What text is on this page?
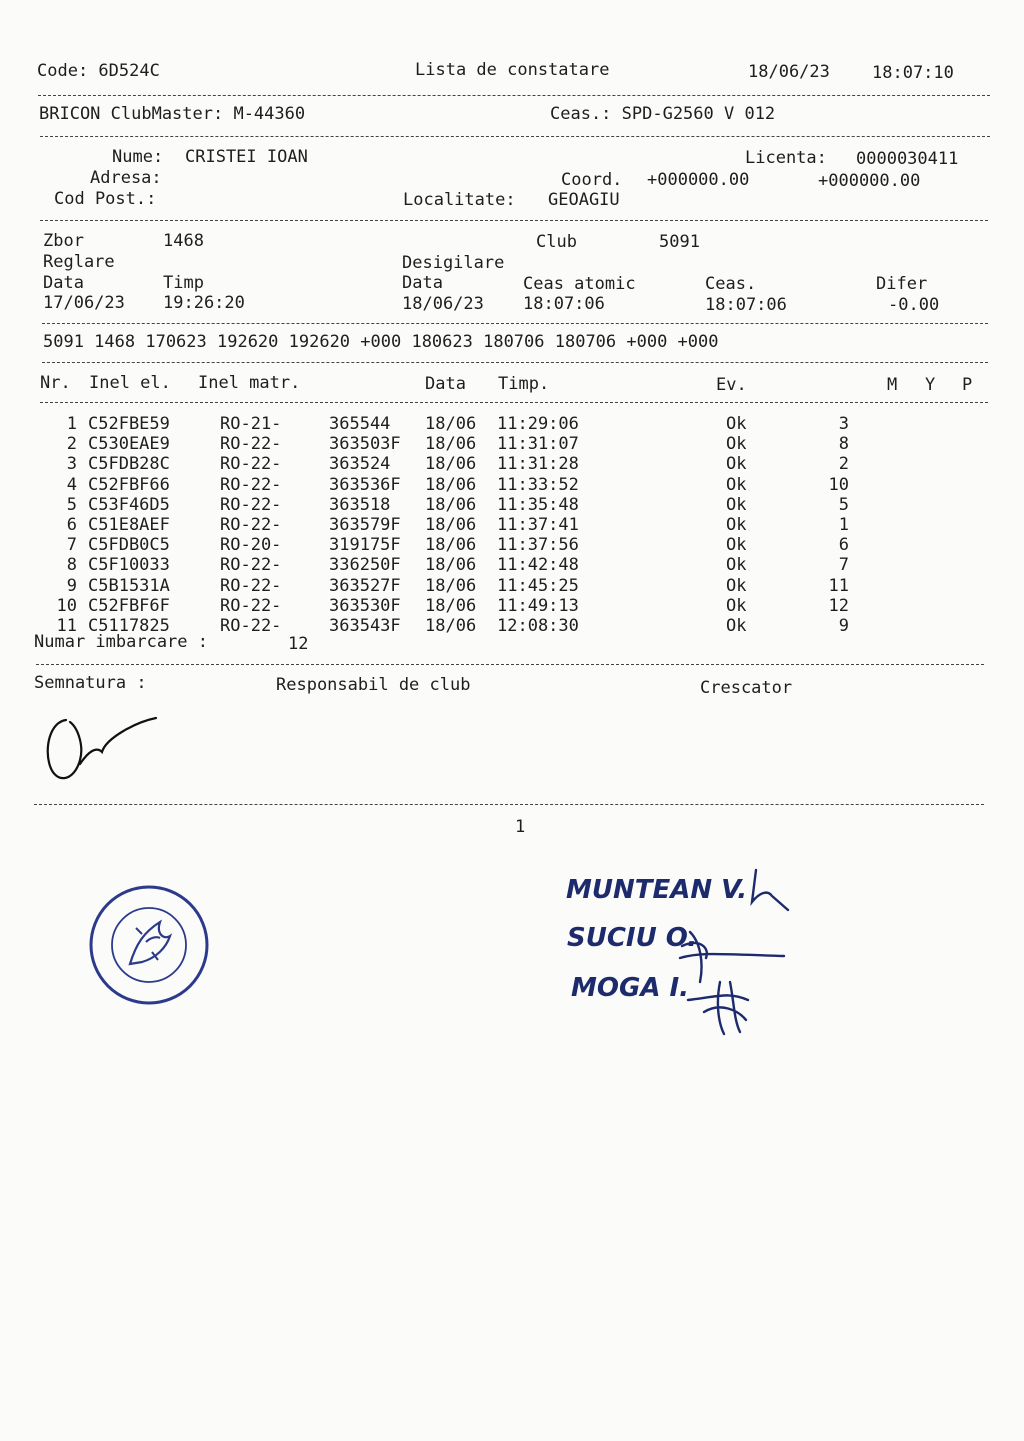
Code: 6D524C	Lista de constatare	18/06/23 18:07:10
BRICON ClubMaster: M-44360	Ceas.: SPD-G2560 V 012
Nume: CRISTEI IOAN	Licenta: 0000030411
Adresa:	Coord. +000000.00	+000000.00
Cod Post.:	Localitate: GEOAGIU
Zbor	1468	Club	5091
Reglare	Desigilare
Data	Timp	Data	Ceas atomic	Ceas.	Difer
17/06/23 19:26:20	18/06/23 18:07:06	18:07:06	-0.00
5091 1468 170623 192620 192620 +000 180623 180706 180706 +000 +000
Nr. Inel el. Inel matr.	Data Timp.	Ev.	M Y P
1 C52FBE59	RO-21-	365544 18/06 11:29:06	Ok	3
2 C530EAE9	RO-22-	363503F 18/06 11:31:07	Ok	8
3 C5FDB28C	RO-22-	363524 18/06 11:31:28	Ok	2
4 C52FBF66	RO-22-	363536F 18/06 11:33:52	Ok	10
5 C53F46D5	RO-22-	363518 18/06 11:35:48	Ok	5
6 C51E8AEF	RO-22-	363579F 18/06 11:37:41	Ok	1
7 C5FDB0C5	RO-20-	319175F 18/06 11:37:56	Ok	6
8 C5F10033	RO-22-	336250F 18/06 11:42:48	Ok	7
9 C5B1531A	RO-22-	363527F 18/06 11:45:25	Ok	11
10 C52FBF6F	RO-22-	363530F 18/06 11:49:13	Ok	12
11 C5117825	RO-22-	363543F 18/06 12:08:30	Ok	9
Numar imbarcare :	12
Semnatura :	Responsabil de club	Crescator
1
MUNTEAN V.
SUCIU O.
MOGA I.
